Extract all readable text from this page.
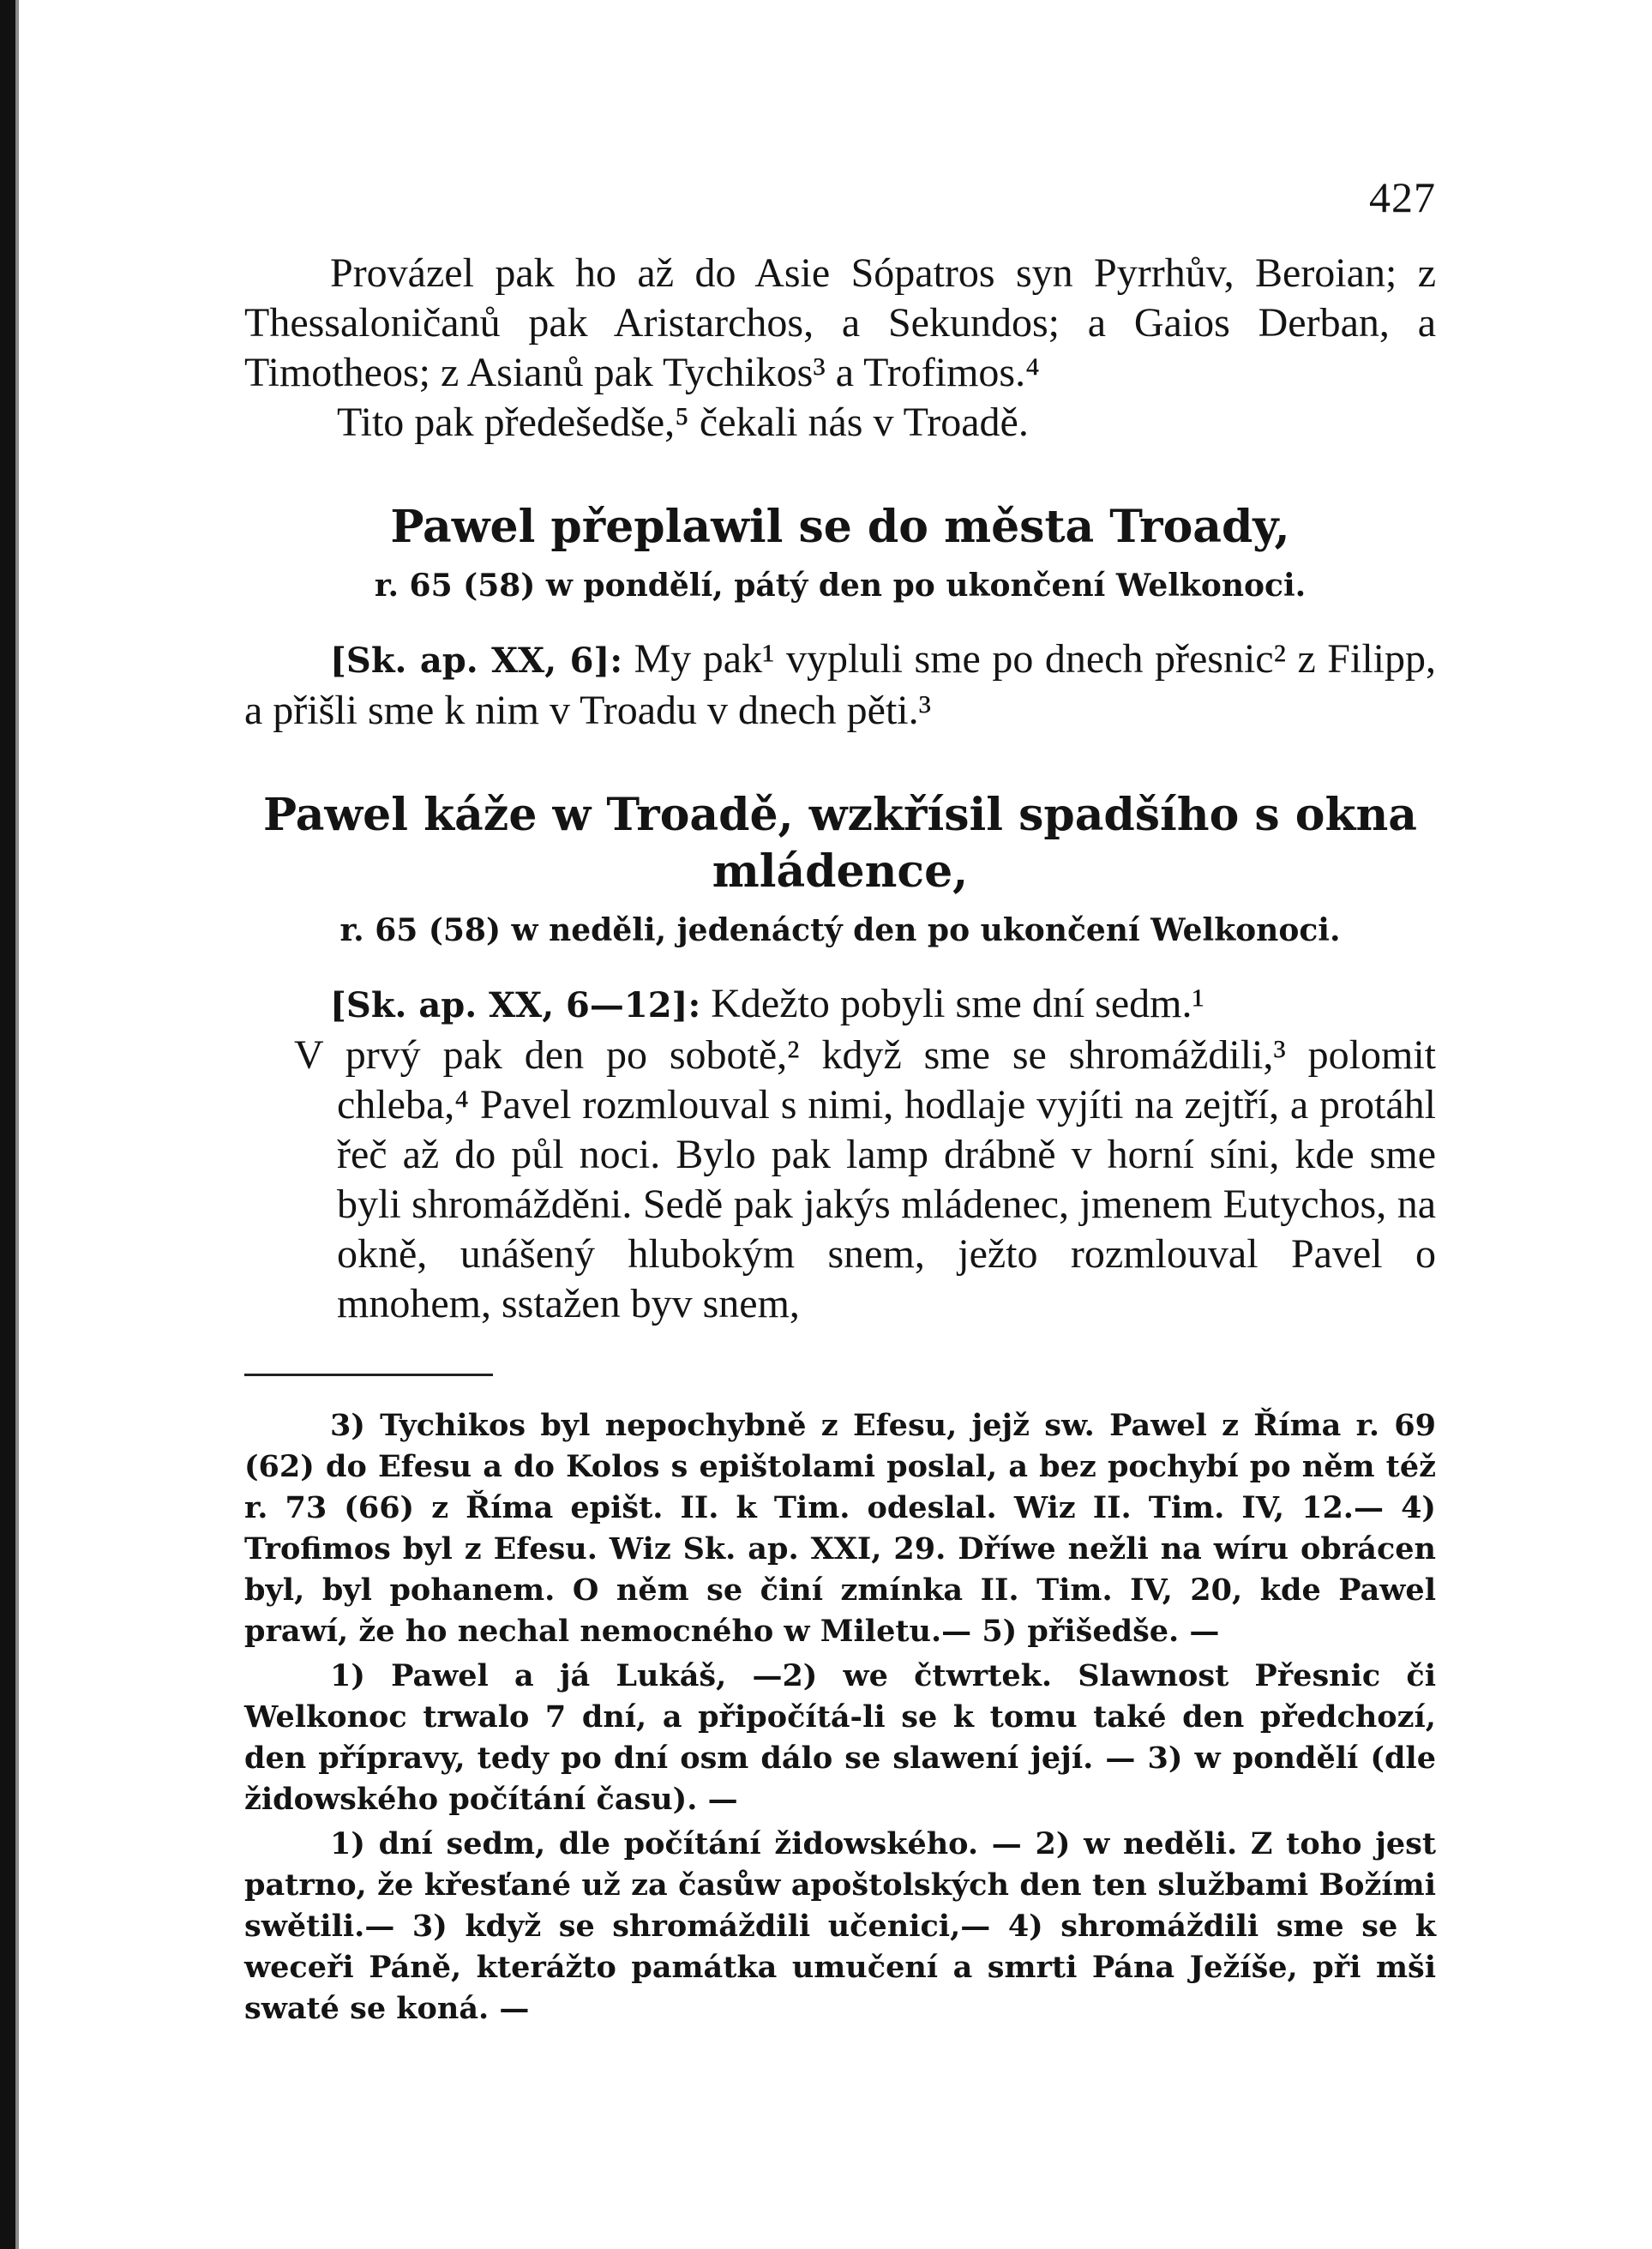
427

Provázel pak ho až do Asie Sópatros syn Pyrrhův, Beroian; z Thessaloničanů pak Aristarchos, a Sekundos; a Gaios Derban, a Timotheos; z Asianů pak Tychikos³ a Trofimos.⁴

Tito pak předešedše,⁵ čekali nás v Troadě.

Pawel přeplawil se do města Troady,
r. 65 (58) w pondělí, pátý den po ukončení Welkonoci.

[Sk. ap. XX, 6]: My pak¹ vypluli sme po dnech přesnic² z Filipp, a přišli sme k nim v Troadu v dnech pěti.³

Pawel káže w Troadě, wzkřísil spadšího s okna mládence,
r. 65 (58) w neděli, jedenáctý den po ukončení Welkonoci.

[Sk. ap. XX, 6—12]: Kdežto pobyli sme dní sedm.¹

V prvý pak den po sobotě,² když sme se shromáždili,³ polomit chleba,⁴ Pavel rozmlouval s nimi, hodlaje vyjíti na zejtří, a protáhl řeč až do půl noci. Bylo pak lamp drábně v horní síni, kde sme byli shromážděni. Sedě pak jakýs mládenec, jmenem Eutychos, na okně, unášený hlubokým snem, ježto rozmlouval Pavel o mnohem, sstažen byv snem,

3) Tychikos byl nepochybně z Efesu, jejž sw. Pawel z Říma r. 69 (62) do Efesu a do Kolos s epištolami poslal, a bez pochybí po něm též r. 73 (66) z Říma epišt. II. k Tim. odeslal. Wiz II. Tim. IV, 12.— 4) Trofimos byl z Efesu. Wiz Sk. ap. XXI, 29. Dříwe nežli na wíru obrácen byl, byl pohanem. O něm se činí zmínka II. Tim. IV, 20, kde Pawel prawí, že ho nechal nemocného w Miletu.— 5) přišedše. —

1) Pawel a já Lukáš, —2) we čtwrtek. Slawnost Přesnic či Welkonoc trwalo 7 dní, a připočítá-li se k tomu také den předchozí, den přípravy, tedy po dní osm dálo se slawení její. — 3) w pondělí (dle židowského počítání času). —

1) dní sedm, dle počítání židowského. — 2) w neděli. Z toho jest patrno, že křesťané už za časůw apoštolských den ten službami Božími swětili.— 3) když se shromáždili učenici,— 4) shromáždili sme se k weceři Páně, kterážto památka umučení a smrti Pána Ježíše, při mši swaté se koná. —
